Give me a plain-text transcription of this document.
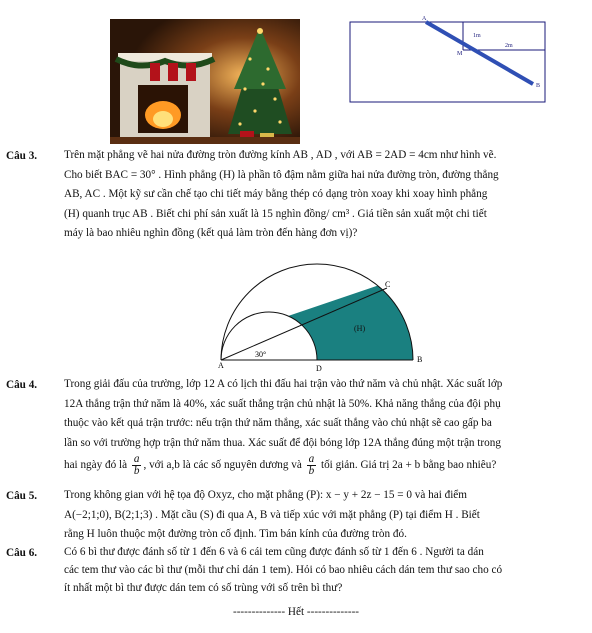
A
B
M
1m
2m
Câu 3. Trên mặt phẳng vẽ hai nửa đường tròn đường kính AB , AD , với AB = 2AD = 4cm như hình vẽ.
Cho biết BAC = 30° . Hình phẳng (H) là phần tô đậm nằm giữa hai nửa đường tròn, đường thẳng
AB, AC . Một kỹ sư cần chế tạo chi tiết máy bằng thép có dạng tròn xoay khi xoay hình phẳng
(H) quanh trục AB . Biết chi phí sản xuất là 15 nghìn đồng/ cm³ . Giá tiền sản xuất một chi tiết
máy là bao nhiêu nghìn đồng (kết quả làm tròn đến hàng đơn vị)?
A
B
C
D
(H)
30°
Câu 4. Trong giải đấu của trường, lớp 12 A có lịch thi đấu hai trận vào thứ năm và chủ nhật. Xác suất lớp
12A thắng trận thứ năm là 40%, xác suất thắng trận chủ nhật là 50%. Khả năng thắng của đội phụ
thuộc vào kết quả trận trước: nếu trận thứ năm thắng, xác suất thắng vào chủ nhật sẽ cao gấp ba
lần so với trường hợp trận thứ năm thua. Xác suất để đội bóng lớp 12A thắng đúng một trận trong
hai ngày đó là $\frac{a}{b}$ , với a,b là các số nguyên dương và $\frac{a}{b}$ tối giản. Giá trị 2a + b bằng bao nhiêu?
Câu 5. Trong không gian với hệ tọa độ Oxyz, cho mặt phẳng (P): x − y + 2z − 15 = 0 và hai điểm
A(−2;1;0), B(2;1;3) . Mặt cầu (S) đi qua A, B và tiếp xúc với mặt phẳng (P) tại điểm H . Biết
rằng H luôn thuộc một đường tròn cố định. Tìm bán kính của đường tròn đó.
Câu 6. Có 6 bì thư được đánh số từ 1 đến 6 và 6 cái tem cũng được đánh số từ 1 đến 6 . Người ta dán
các tem thư vào các bì thư (mỗi thư chỉ dán 1 tem). Hỏi có bao nhiêu cách dán tem thư sao cho có
ít nhất một bì thư được dán tem có số trùng với số trên bì thư?
-------------- Hết --------------
